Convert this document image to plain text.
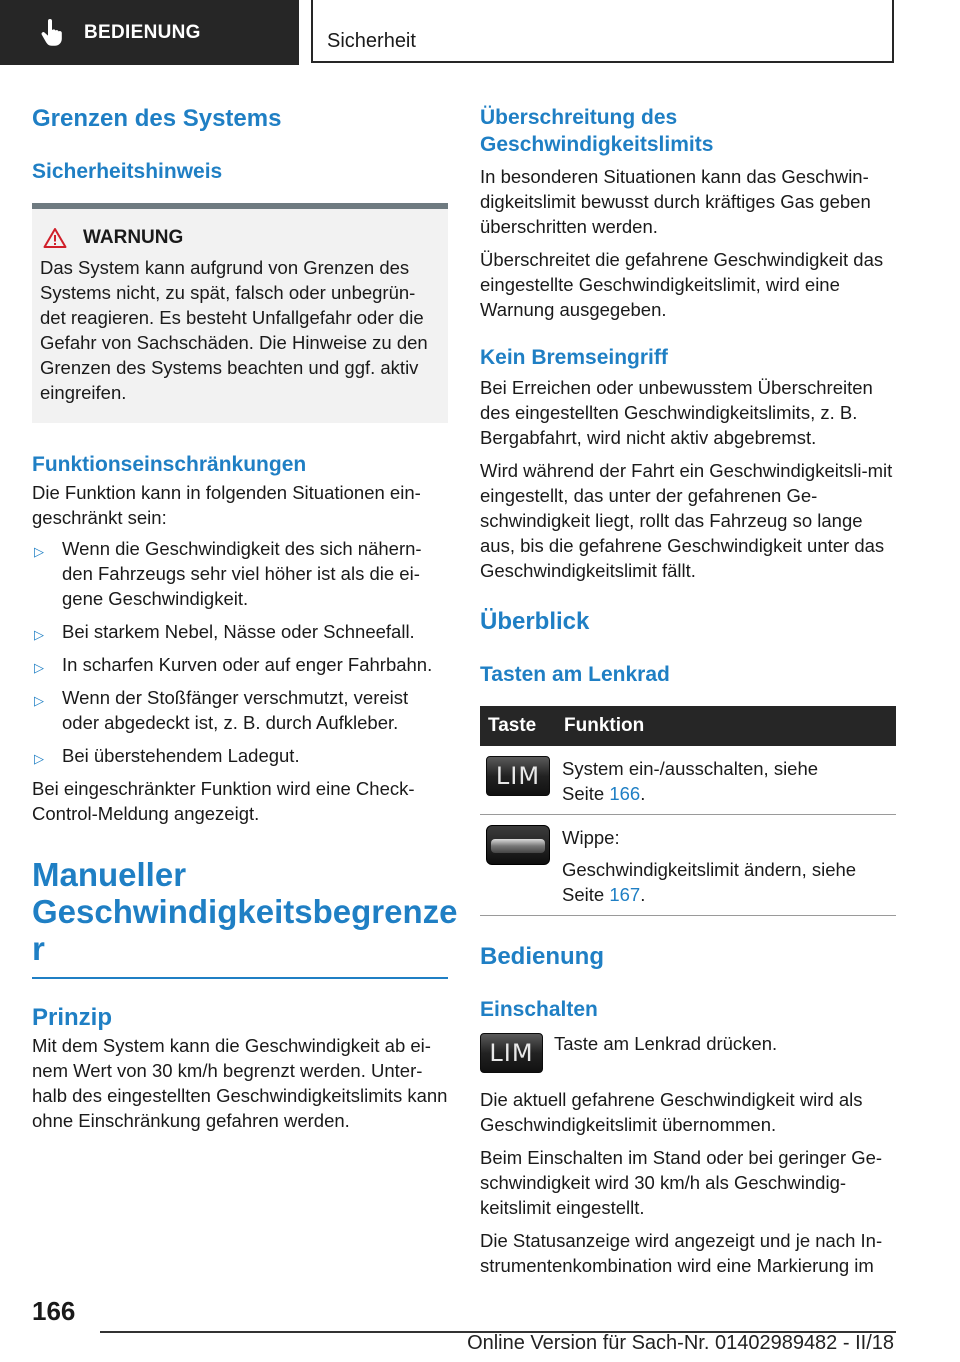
BEDIENUNG	Sicherheit
Grenzen des Systems
Sicherheitshinweis
WARNUNG

Das System kann aufgrund von Grenzen des Systems nicht, zu spät, falsch oder unbegrün-det reagieren. Es besteht Unfallgefahr oder die Gefahr von Sachschäden. Die Hinweise zu den Grenzen des Systems beachten und ggf. aktiv eingreifen.

Funktionseinschränkungen

Die Funktion kann in folgenden Situationen ein-geschränkt sein:

▷ Wenn die Geschwindigkeit des sich nähern-den Fahrzeugs sehr viel höher ist als die ei-gene Geschwindigkeit.
▷ Bei starkem Nebel, Nässe oder Schneefall.
▷ In scharfen Kurven oder auf enger Fahrbahn.
▷ Wenn der Stoßfänger verschmutzt, vereist oder abgedeckt ist, z. B. durch Aufkleber.
▷ Bei überstehendem Ladegut.

Bei eingeschränkter Funktion wird eine Check-Control-Meldung angezeigt.

Manueller
Geschwindigkeitsbegrenze
r
Prinzip

Mit dem System kann die Geschwindigkeit ab ei-nem Wert von 30 km/h begrenzt werden. Unter-halb des eingestellten Geschwindigkeitslimits kann ohne Einschränkung gefahren werden.

Überschreitung des Geschwindigkeitslimits

In besonderen Situationen kann das Geschwin-digkeitslimit bewusst durch kräftiges Gas geben überschritten werden.

Überschreitet die gefahrene Geschwindigkeit das eingestellte Geschwindigkeitslimit, wird eine Warnung ausgegeben.

Kein Bremseingriff

Bei Erreichen oder unbewusstem Überschreiten des eingestellten Geschwindigkeitslimits, z. B. Bergabfahrt, wird nicht aktiv abgebremst.

Wird während der Fahrt ein Geschwindigkeitsli-mit eingestellt, das unter der gefahrenen Ge-schwindigkeit liegt, rollt das Fahrzeug so lange aus, bis die gefahrene Geschwindigkeit unter das Geschwindigkeitslimit fällt.

Überblick
Tasten am Lenkrad
Taste	Funktion

LIM	System ein-/ausschalten, siehe
Seite 166.

	Wippe:
Geschwindigkeitslimit ändern, siehe
Seite 167.
Bedienung
Einschalten
LIM	Taste am Lenkrad drücken.

Die aktuell gefahrene Geschwindigkeit wird als Geschwindigkeitslimit übernommen.

Beim Einschalten im Stand oder bei geringer Ge-schwindigkeit wird 30 km/h als Geschwindig-keitslimit eingestellt.

Die Statusanzeige wird angezeigt und je nach In-strumentenkombination wird eine Markierung im

166
Online Version für Sach-Nr. 01402989482 - II/18
